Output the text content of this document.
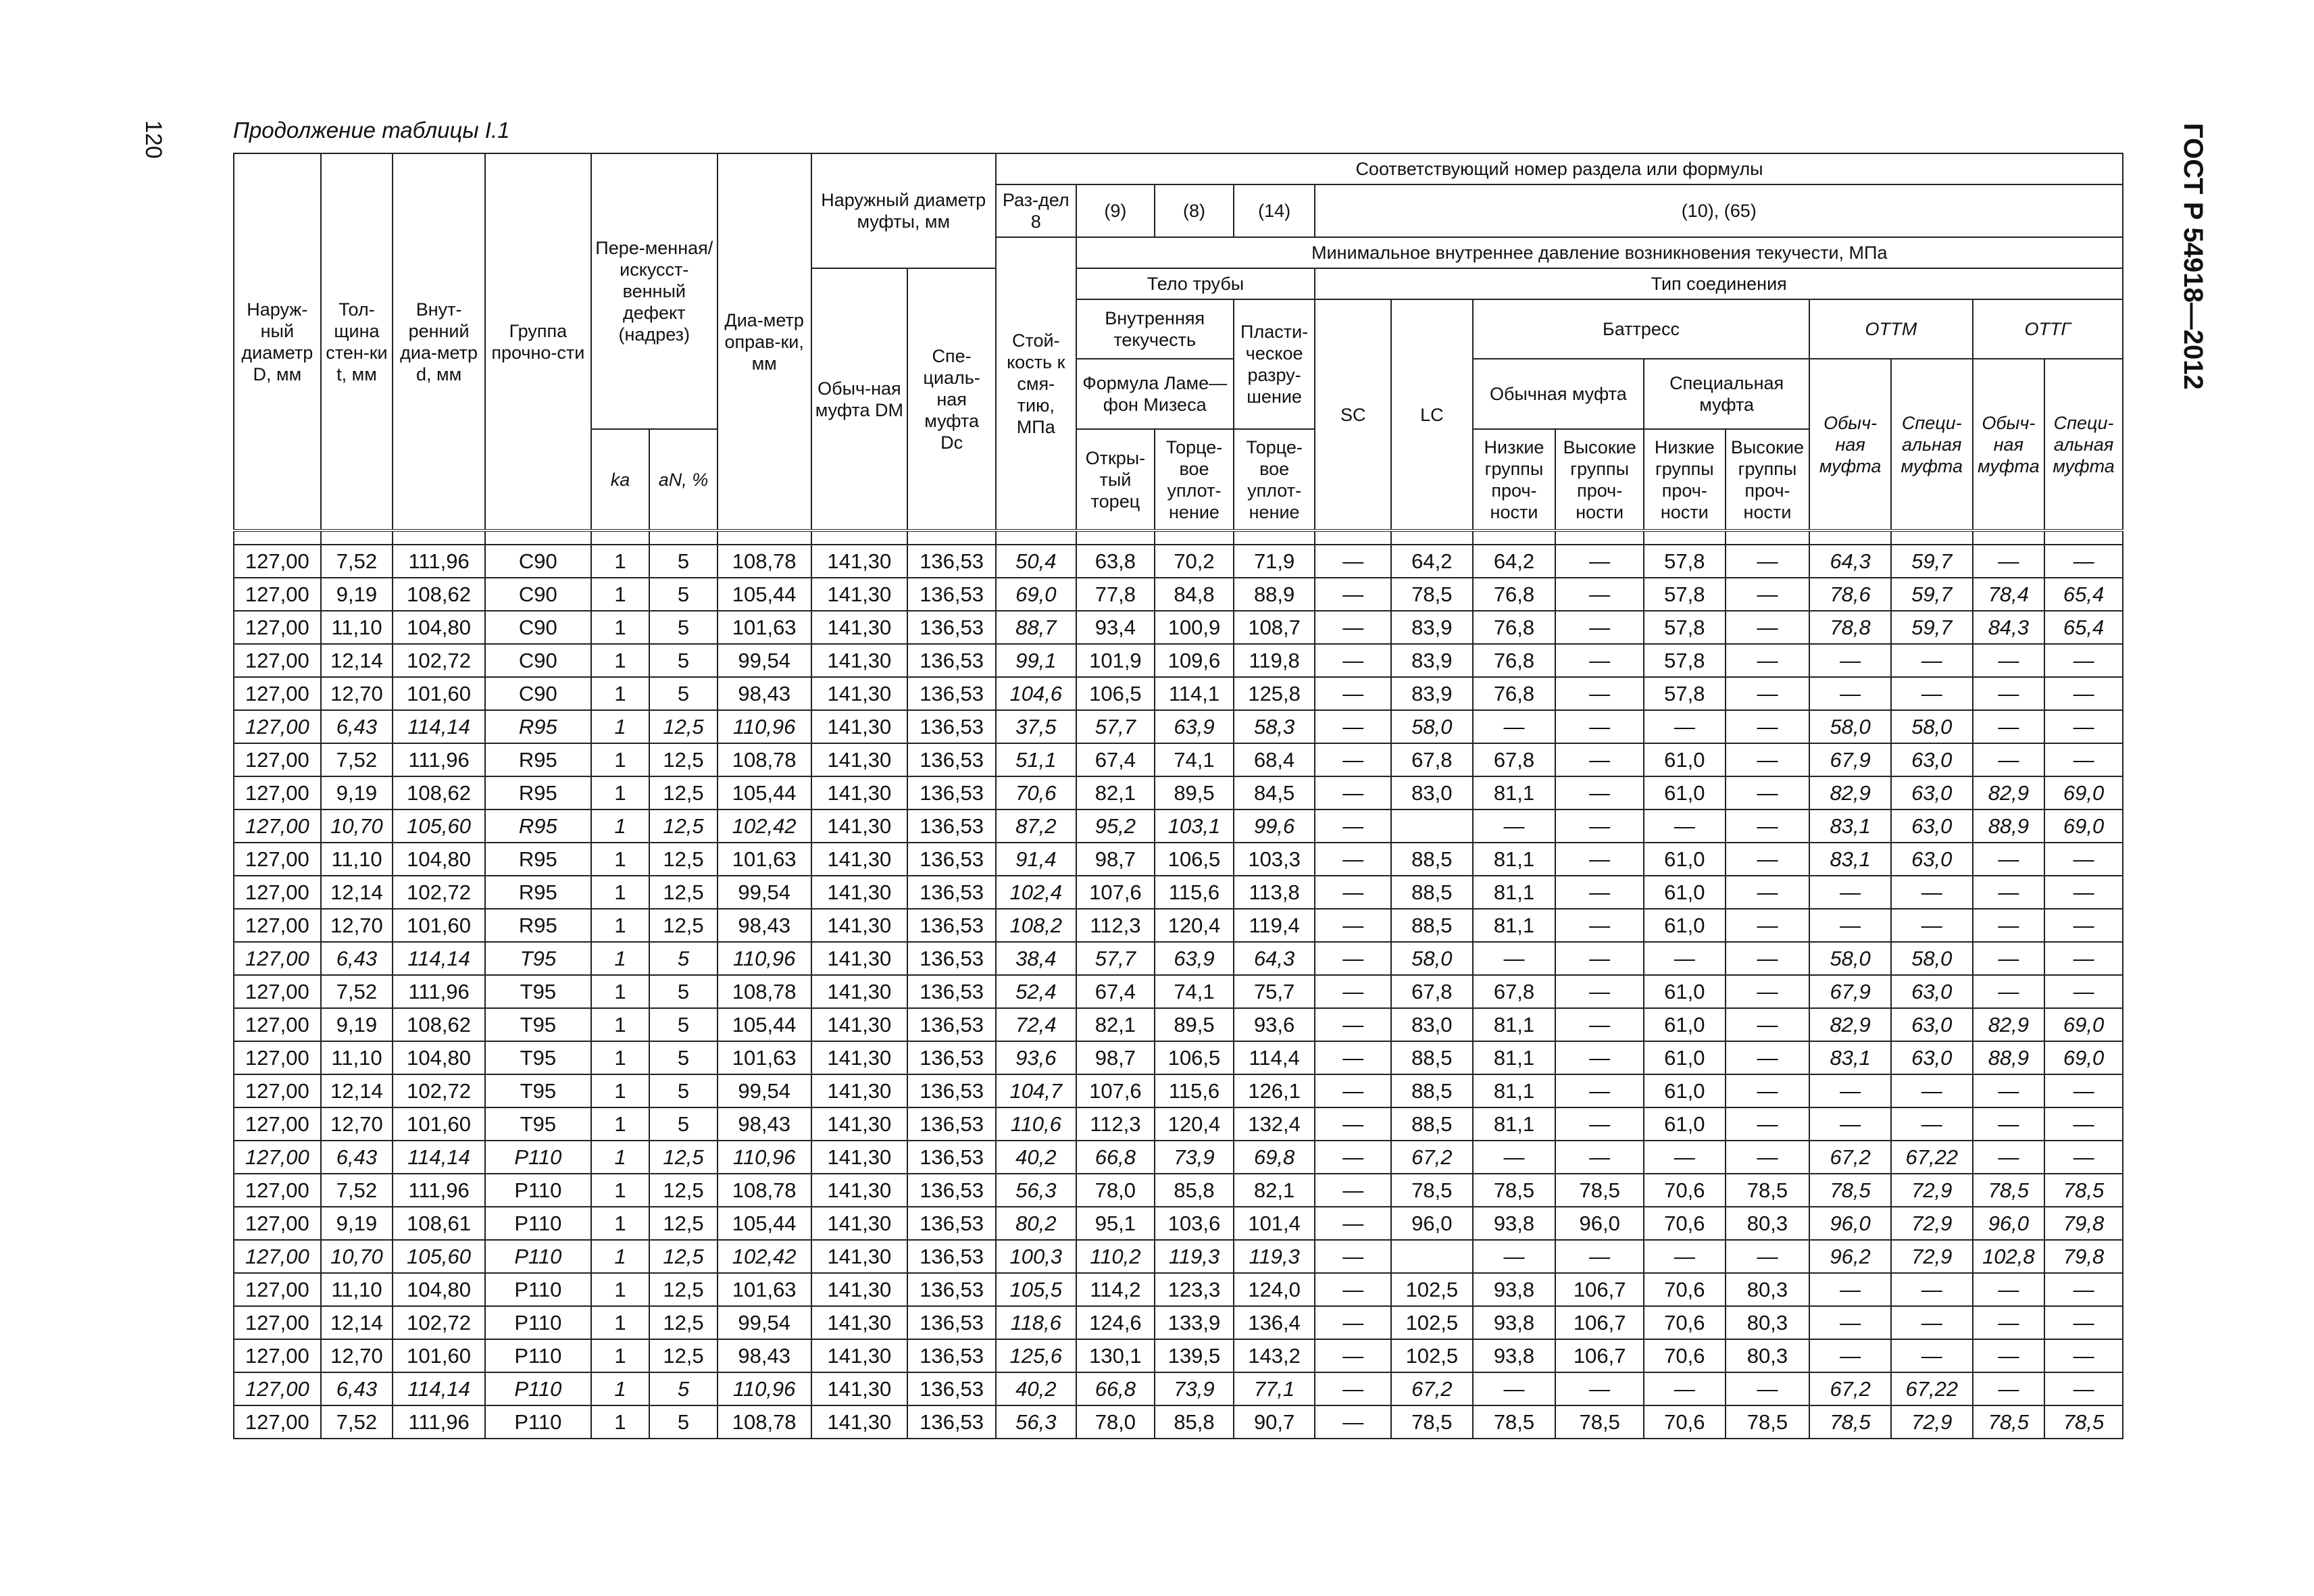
120	ГОСТ Р 54918—2012
Продолжение таблицы I.1
Наруж-ный диаметр D, мм	Тол-щина стен-ки t, мм	Внут-ренний диа-метр d, мм	Группа прочно-сти	Пере-менная/ искусст-венный дефект (надрез)		Диа-метр оправ-ки, мм	Наружный диаметр муфты, мм		Соответствующий номер раздела или формулы													
									Раз-дел 8	(9)	(8)	(14)	(10), (65)									
									Стой-кость к смя-тию, МПа	Минимальное внутреннее давление возникновения текучести, МПа												
							Обыч-ная муфта DM	Спе-циаль-ная муфта Dc		Тело трубы			Тип соединения									
										Внутренняя текучесть		Пласти-ческое разру-шение	SC	LC	Баттресс				ОТТМ		ОТТГ	
										Формула Ламе—фон Мизеса					Обычная муфта		Специальная муфта		Обыч-ная муфта	Специ-альная муфта	Обыч-ная муфта	Специ-альная муфта
				ka	aN, %					Откры-тый торец	Торце-вое уплот-нение	Торце-вое уплот-нение			Низкие группы проч-ности	Высокие группы проч-ности	Низкие группы проч-ности	Высокие группы проч-ности				

127,00	7,52	111,96	C90	1	5	108,78	141,30	136,53	50,4	63,8	70,2	71,9	—	64,2	64,2	—	57,8	—	64,3	59,7	—	—
127,00	9,19	108,62	C90	1	5	105,44	141,30	136,53	69,0	77,8	84,8	88,9	—	78,5	76,8	—	57,8	—	78,6	59,7	78,4	65,4
127,00	11,10	104,80	C90	1	5	101,63	141,30	136,53	88,7	93,4	100,9	108,7	—	83,9	76,8	—	57,8	—	78,8	59,7	84,3	65,4
127,00	12,14	102,72	C90	1	5	99,54	141,30	136,53	99,1	101,9	109,6	119,8	—	83,9	76,8	—	57,8	—	—	—	—	—
127,00	12,70	101,60	C90	1	5	98,43	141,30	136,53	104,6	106,5	114,1	125,8	—	83,9	76,8	—	57,8	—	—	—	—	—
127,00	6,43	114,14	R95	1	12,5	110,96	141,30	136,53	37,5	57,7	63,9	58,3	—	58,0	—	—	—	—	58,0	58,0	—	—
127,00	7,52	111,96	R95	1	12,5	108,78	141,30	136,53	51,1	67,4	74,1	68,4	—	67,8	67,8	—	61,0	—	67,9	63,0	—	—
127,00	9,19	108,62	R95	1	12,5	105,44	141,30	136,53	70,6	82,1	89,5	84,5	—	83,0	81,1	—	61,0	—	82,9	63,0	82,9	69,0
127,00	10,70	105,60	R95	1	12,5	102,42	141,30	136,53	87,2	95,2	103,1	99,6	—		—	—	—	—	83,1	63,0	88,9	69,0
127,00	11,10	104,80	R95	1	12,5	101,63	141,30	136,53	91,4	98,7	106,5	103,3	—	88,5	81,1	—	61,0	—	83,1	63,0	—	—
127,00	12,14	102,72	R95	1	12,5	99,54	141,30	136,53	102,4	107,6	115,6	113,8	—	88,5	81,1	—	61,0	—	—	—	—	—
127,00	12,70	101,60	R95	1	12,5	98,43	141,30	136,53	108,2	112,3	120,4	119,4	—	88,5	81,1	—	61,0	—	—	—	—	—
127,00	6,43	114,14	T95	1	5	110,96	141,30	136,53	38,4	57,7	63,9	64,3	—	58,0	—	—	—	—	58,0	58,0	—	—
127,00	7,52	111,96	T95	1	5	108,78	141,30	136,53	52,4	67,4	74,1	75,7	—	67,8	67,8	—	61,0	—	67,9	63,0	—	—
127,00	9,19	108,62	T95	1	5	105,44	141,30	136,53	72,4	82,1	89,5	93,6	—	83,0	81,1	—	61,0	—	82,9	63,0	82,9	69,0
127,00	11,10	104,80	T95	1	5	101,63	141,30	136,53	93,6	98,7	106,5	114,4	—	88,5	81,1	—	61,0	—	83,1	63,0	88,9	69,0
127,00	12,14	102,72	T95	1	5	99,54	141,30	136,53	104,7	107,6	115,6	126,1	—	88,5	81,1	—	61,0	—	—	—	—	—
127,00	12,70	101,60	T95	1	5	98,43	141,30	136,53	110,6	112,3	120,4	132,4	—	88,5	81,1	—	61,0	—	—	—	—	—
127,00	6,43	114,14	P110	1	12,5	110,96	141,30	136,53	40,2	66,8	73,9	69,8	—	67,2	—	—	—	—	67,2	67,22	—	—
127,00	7,52	111,96	P110	1	12,5	108,78	141,30	136,53	56,3	78,0	85,8	82,1	—	78,5	78,5	78,5	70,6	78,5	78,5	72,9	78,5	78,5
127,00	9,19	108,61	P110	1	12,5	105,44	141,30	136,53	80,2	95,1	103,6	101,4	—	96,0	93,8	96,0	70,6	80,3	96,0	72,9	96,0	79,8
127,00	10,70	105,60	P110	1	12,5	102,42	141,30	136,53	100,3	110,2	119,3	119,3	—		—	—	—	—	96,2	72,9	102,8	79,8
127,00	11,10	104,80	P110	1	12,5	101,63	141,30	136,53	105,5	114,2	123,3	124,0	—	102,5	93,8	106,7	70,6	80,3	—	—	—	—
127,00	12,14	102,72	P110	1	12,5	99,54	141,30	136,53	118,6	124,6	133,9	136,4	—	102,5	93,8	106,7	70,6	80,3	—	—	—	—
127,00	12,70	101,60	P110	1	12,5	98,43	141,30	136,53	125,6	130,1	139,5	143,2	—	102,5	93,8	106,7	70,6	80,3	—	—	—	—
127,00	6,43	114,14	P110	1	5	110,96	141,30	136,53	40,2	66,8	73,9	77,1	—	67,2	—	—	—	—	67,2	67,22	—	—
127,00	7,52	111,96	P110	1	5	108,78	141,30	136,53	56,3	78,0	85,8	90,7	—	78,5	78,5	78,5	70,6	78,5	78,5	72,9	78,5	78,5
